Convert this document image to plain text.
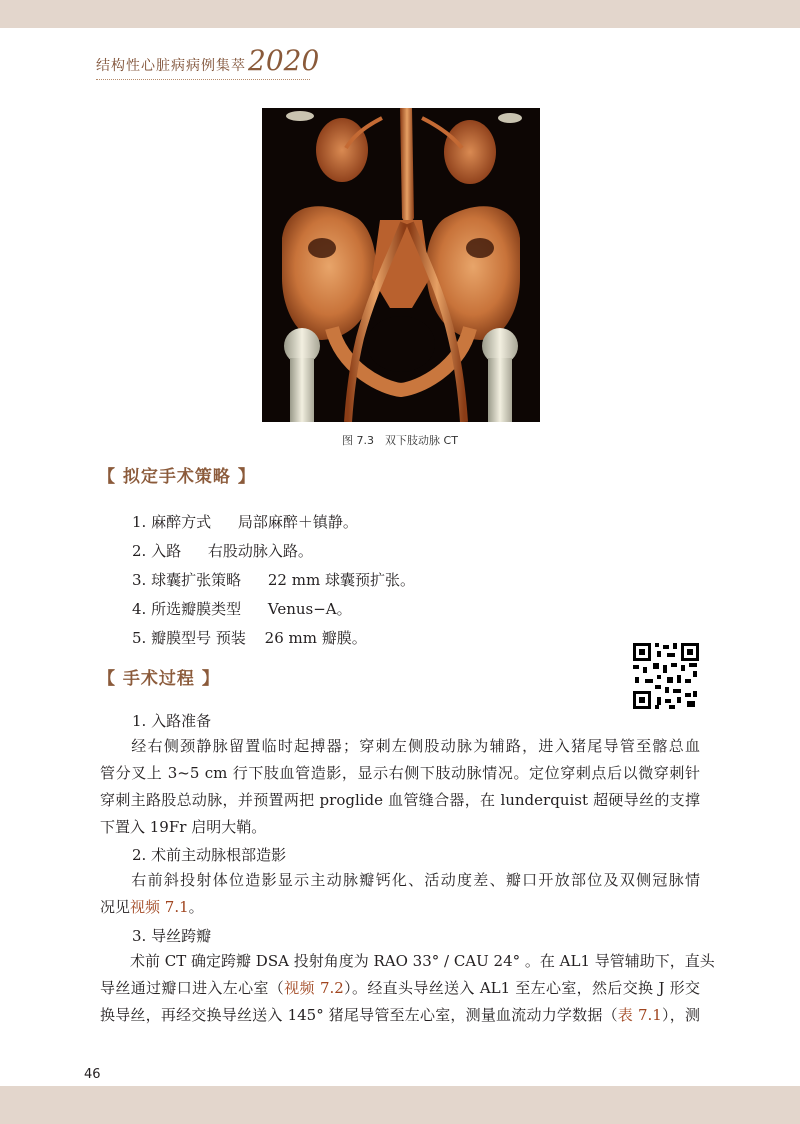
结构性心脏病病例集萃 2020
图 7.3　双下肢动脉 CT
【 拟定手术策略 】
1. 麻醉方式 局部麻醉＋镇静。
2. 入路 右股动脉入路。
3. 球囊扩张策略 22 mm 球囊预扩张。
4. 所选瓣膜类型 Venus−A。
5. 瓣膜型号 预装 26 mm 瓣膜。
【 手术过程 】
1. 入路准备
经右侧颈静脉留置临时起搏器；穿刺左侧股动脉为辅路，进入猪尾导管至髂总血
管分叉上 3~5 cm 行下肢血管造影，显示右侧下肢动脉情况。定位穿刺点后以微穿刺针
穿刺主路股总动脉，并预置两把 proglide 血管缝合器，在 lunderquist 超硬导丝的支撑
下置入 19Fr 启明大鞘。
2. 术前主动脉根部造影
右前斜投射体位造影显示主动脉瓣钙化、活动度差、瓣口开放部位及双侧冠脉情
况见视频 7.1。
3. 导丝跨瓣
术前 CT 确定跨瓣 DSA 投射角度为 RAO 33° / CAU 24° 。在 AL1 导管辅助下，直头
导丝通过瓣口进入左心室（视频 7.2）。经直头导丝送入 AL1 至左心室，然后交换 J 形交
换导丝，再经交换导丝送入 145° 猪尾导管至左心室，测量血流动力学数据（表 7.1），测
46
